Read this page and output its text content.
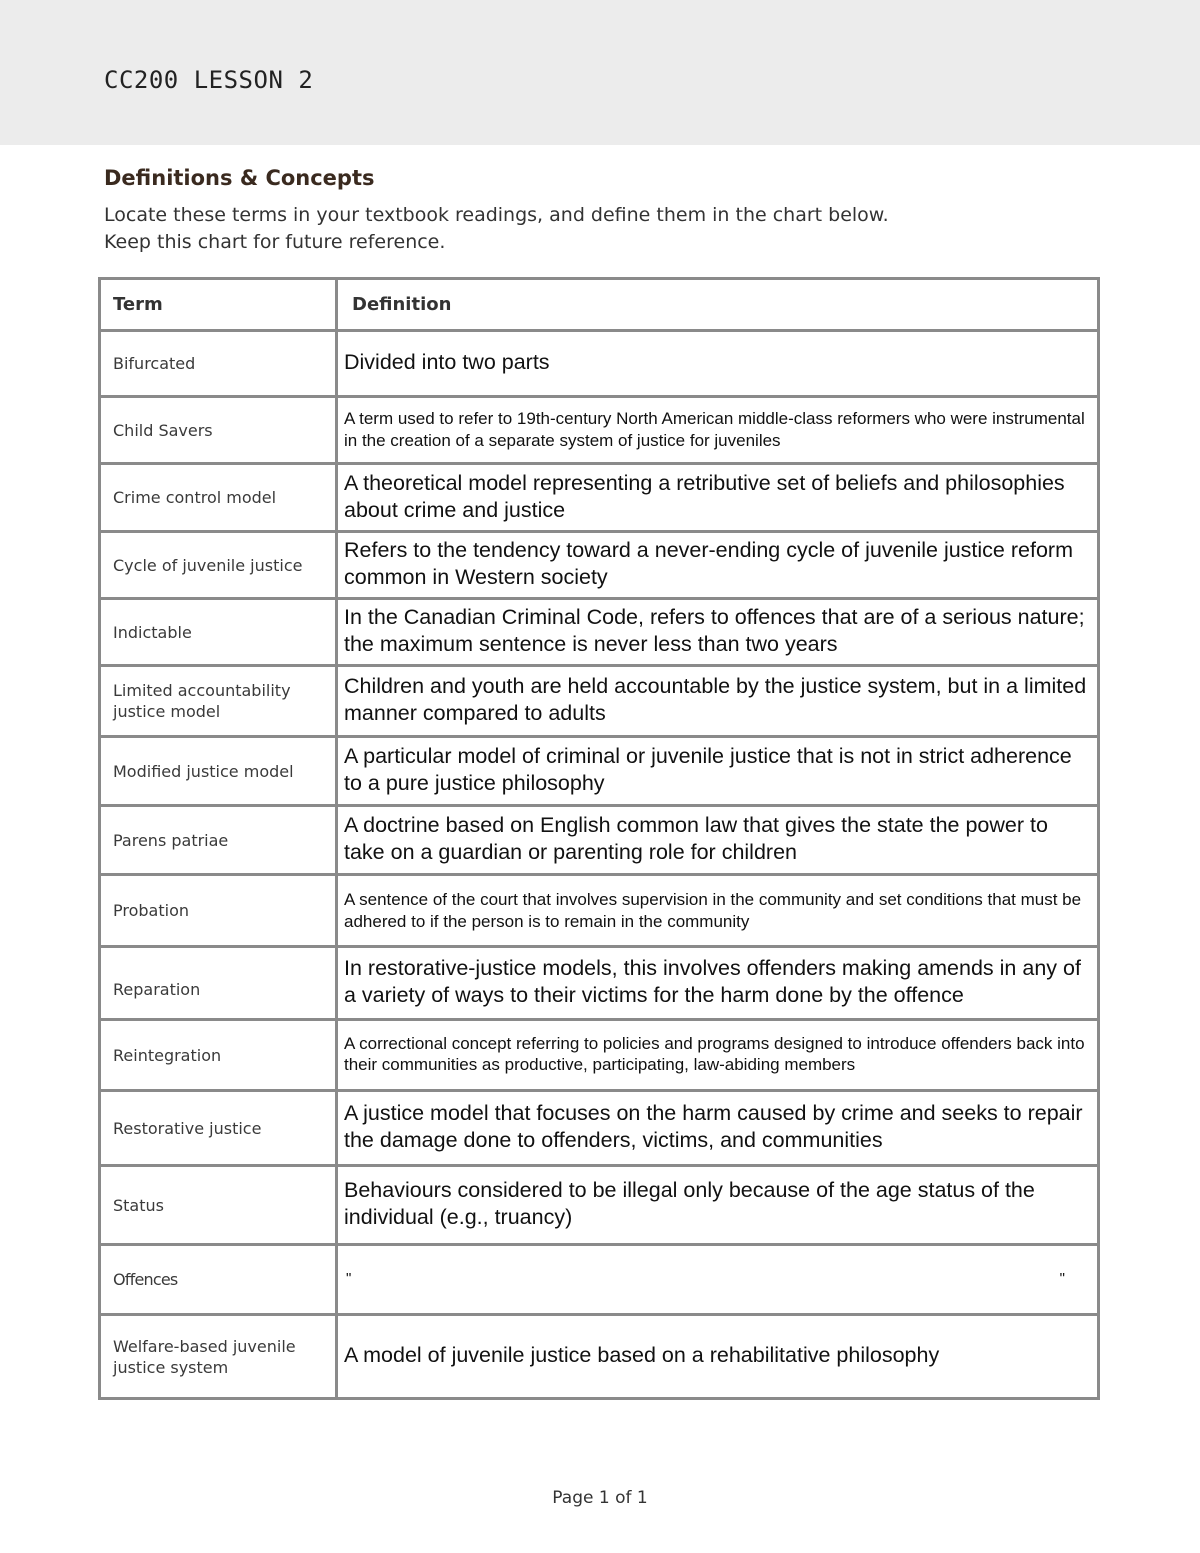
CC200 LESSON 2
Definitions & Concepts
Locate these terms in your textbook readings, and define them in the chart below.
Keep this chart for future reference.
Term	Definition
Bifurcated	Divided into two parts
Child Savers	A term used to refer to 19th-century North American middle-class reformers who were instrumental in the creation of a separate system of justice for juveniles
Crime control model	A theoretical model representing a retributive set of beliefs and philosophies about crime and justice
Cycle of juvenile justice	Refers to the tendency toward a never-ending cycle of juvenile justice reform common in Western society
Indictable	In the Canadian Criminal Code, refers to offences that are of a serious nature; the maximum sentence is never less than two years
Limited accountability justice model	Children and youth are held accountable by the justice system, but in a limited manner compared to adults
Modified justice model	A particular model of criminal or juvenile justice that is not in strict adherence to a pure justice philosophy
Parens patriae	A doctrine based on English common law that gives the state the power to take on a guardian or parenting role for children
Probation	A sentence of the court that involves supervision in the community and set conditions that must be adhered to if the person is to remain in the community
Reparation	In restorative-justice models, this involves offenders making amends in any of a variety of ways to their victims for the harm done by the offence
Reintegration	A correctional concept referring to policies and programs designed to introduce offenders back into their communities as productive, participating, law-abiding members
Restorative justice	A justice model that focuses on the harm caused by crime and seeks to repair the damage done to offenders, victims, and communities
Status	Behaviours considered to be illegal only because of the age status of the individual (e.g., truancy)
Offences	" "

Welfare-based juvenile justice system	A model of juvenile justice based on a rehabilitative philosophy
Page 1 of 1
